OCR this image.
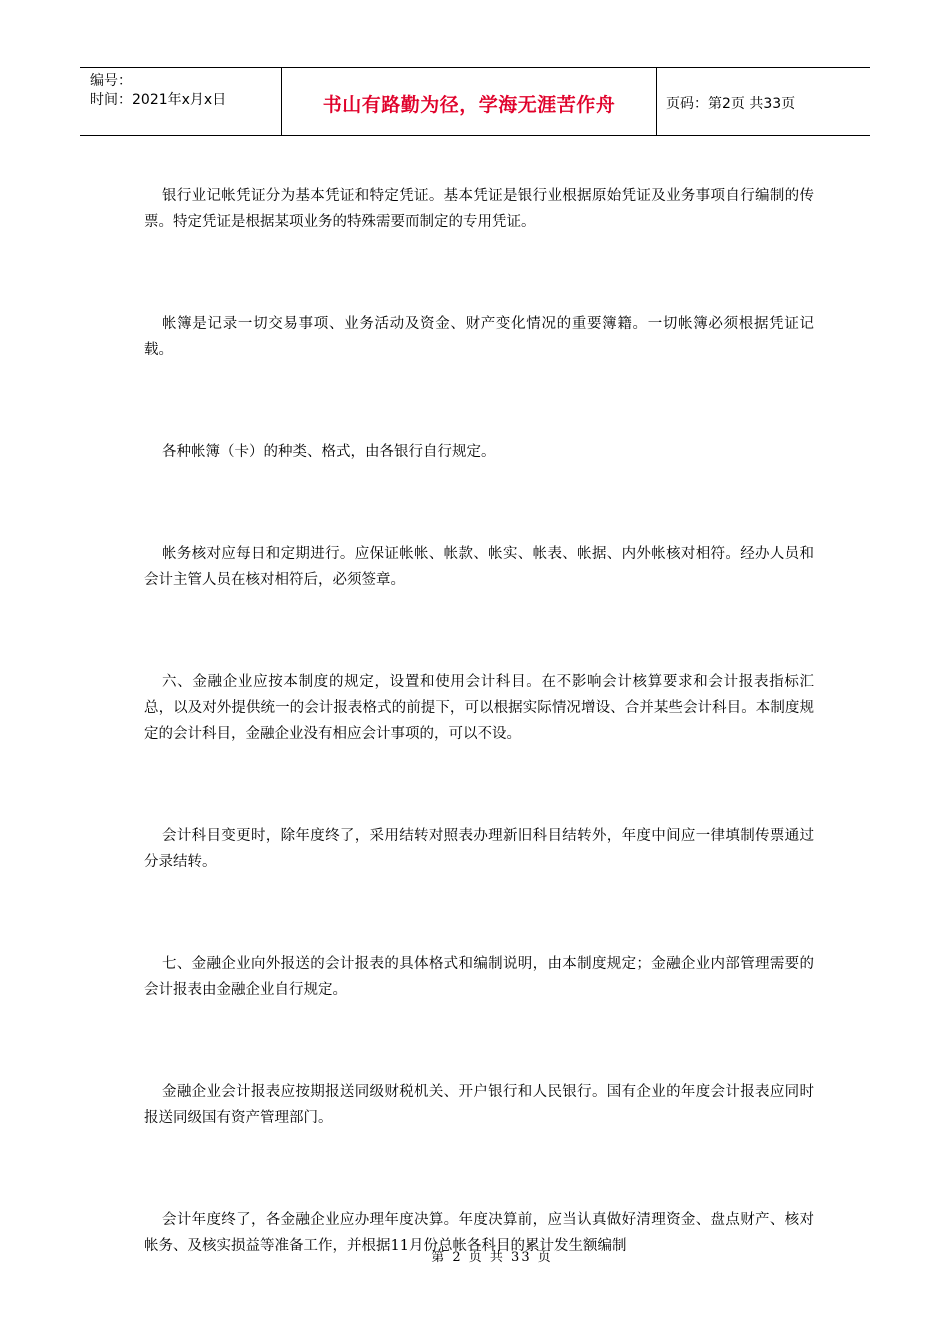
编号：
时间：2021年x月x日	书山有路勤为径，学海无涯苦作舟	页码：第2页 共33页

银行业记帐凭证分为基本凭证和特定凭证。基本凭证是银行业根据原始凭证及业务事项自行编制的传票。特定凭证是根据某项业务的特殊需要而制定的专用凭证。

帐簿是记录一切交易事项、业务活动及资金、财产变化情况的重要簿籍。一切帐簿必须根据凭证记载。

各种帐簿（卡）的种类、格式，由各银行自行规定。

帐务核对应每日和定期进行。应保证帐帐、帐款、帐实、帐表、帐据、内外帐核对相符。经办人员和会计主管人员在核对相符后，必须签章。

六、金融企业应按本制度的规定，设置和使用会计科目。在不影响会计核算要求和会计报表指标汇总，以及对外提供统一的会计报表格式的前提下，可以根据实际情况增设、合并某些会计科目。本制度规定的会计科目，金融企业没有相应会计事项的，可以不设。

会计科目变更时，除年度终了，采用结转对照表办理新旧科目结转外，年度中间应一律填制传票通过分录结转。

七、金融企业向外报送的会计报表的具体格式和编制说明，由本制度规定；金融企业内部管理需要的会计报表由金融企业自行规定。

金融企业会计报表应按期报送同级财税机关、开户银行和人民银行。国有企业的年度会计报表应同时报送同级国有资产管理部门。

会计年度终了，各金融企业应办理年度决算。年度决算前，应当认真做好清理资金、盘点财产、核对帐务、及核实损益等准备工作，并根据11月份总帐各科目的累计发生额编制

第 2 页 共 33 页
